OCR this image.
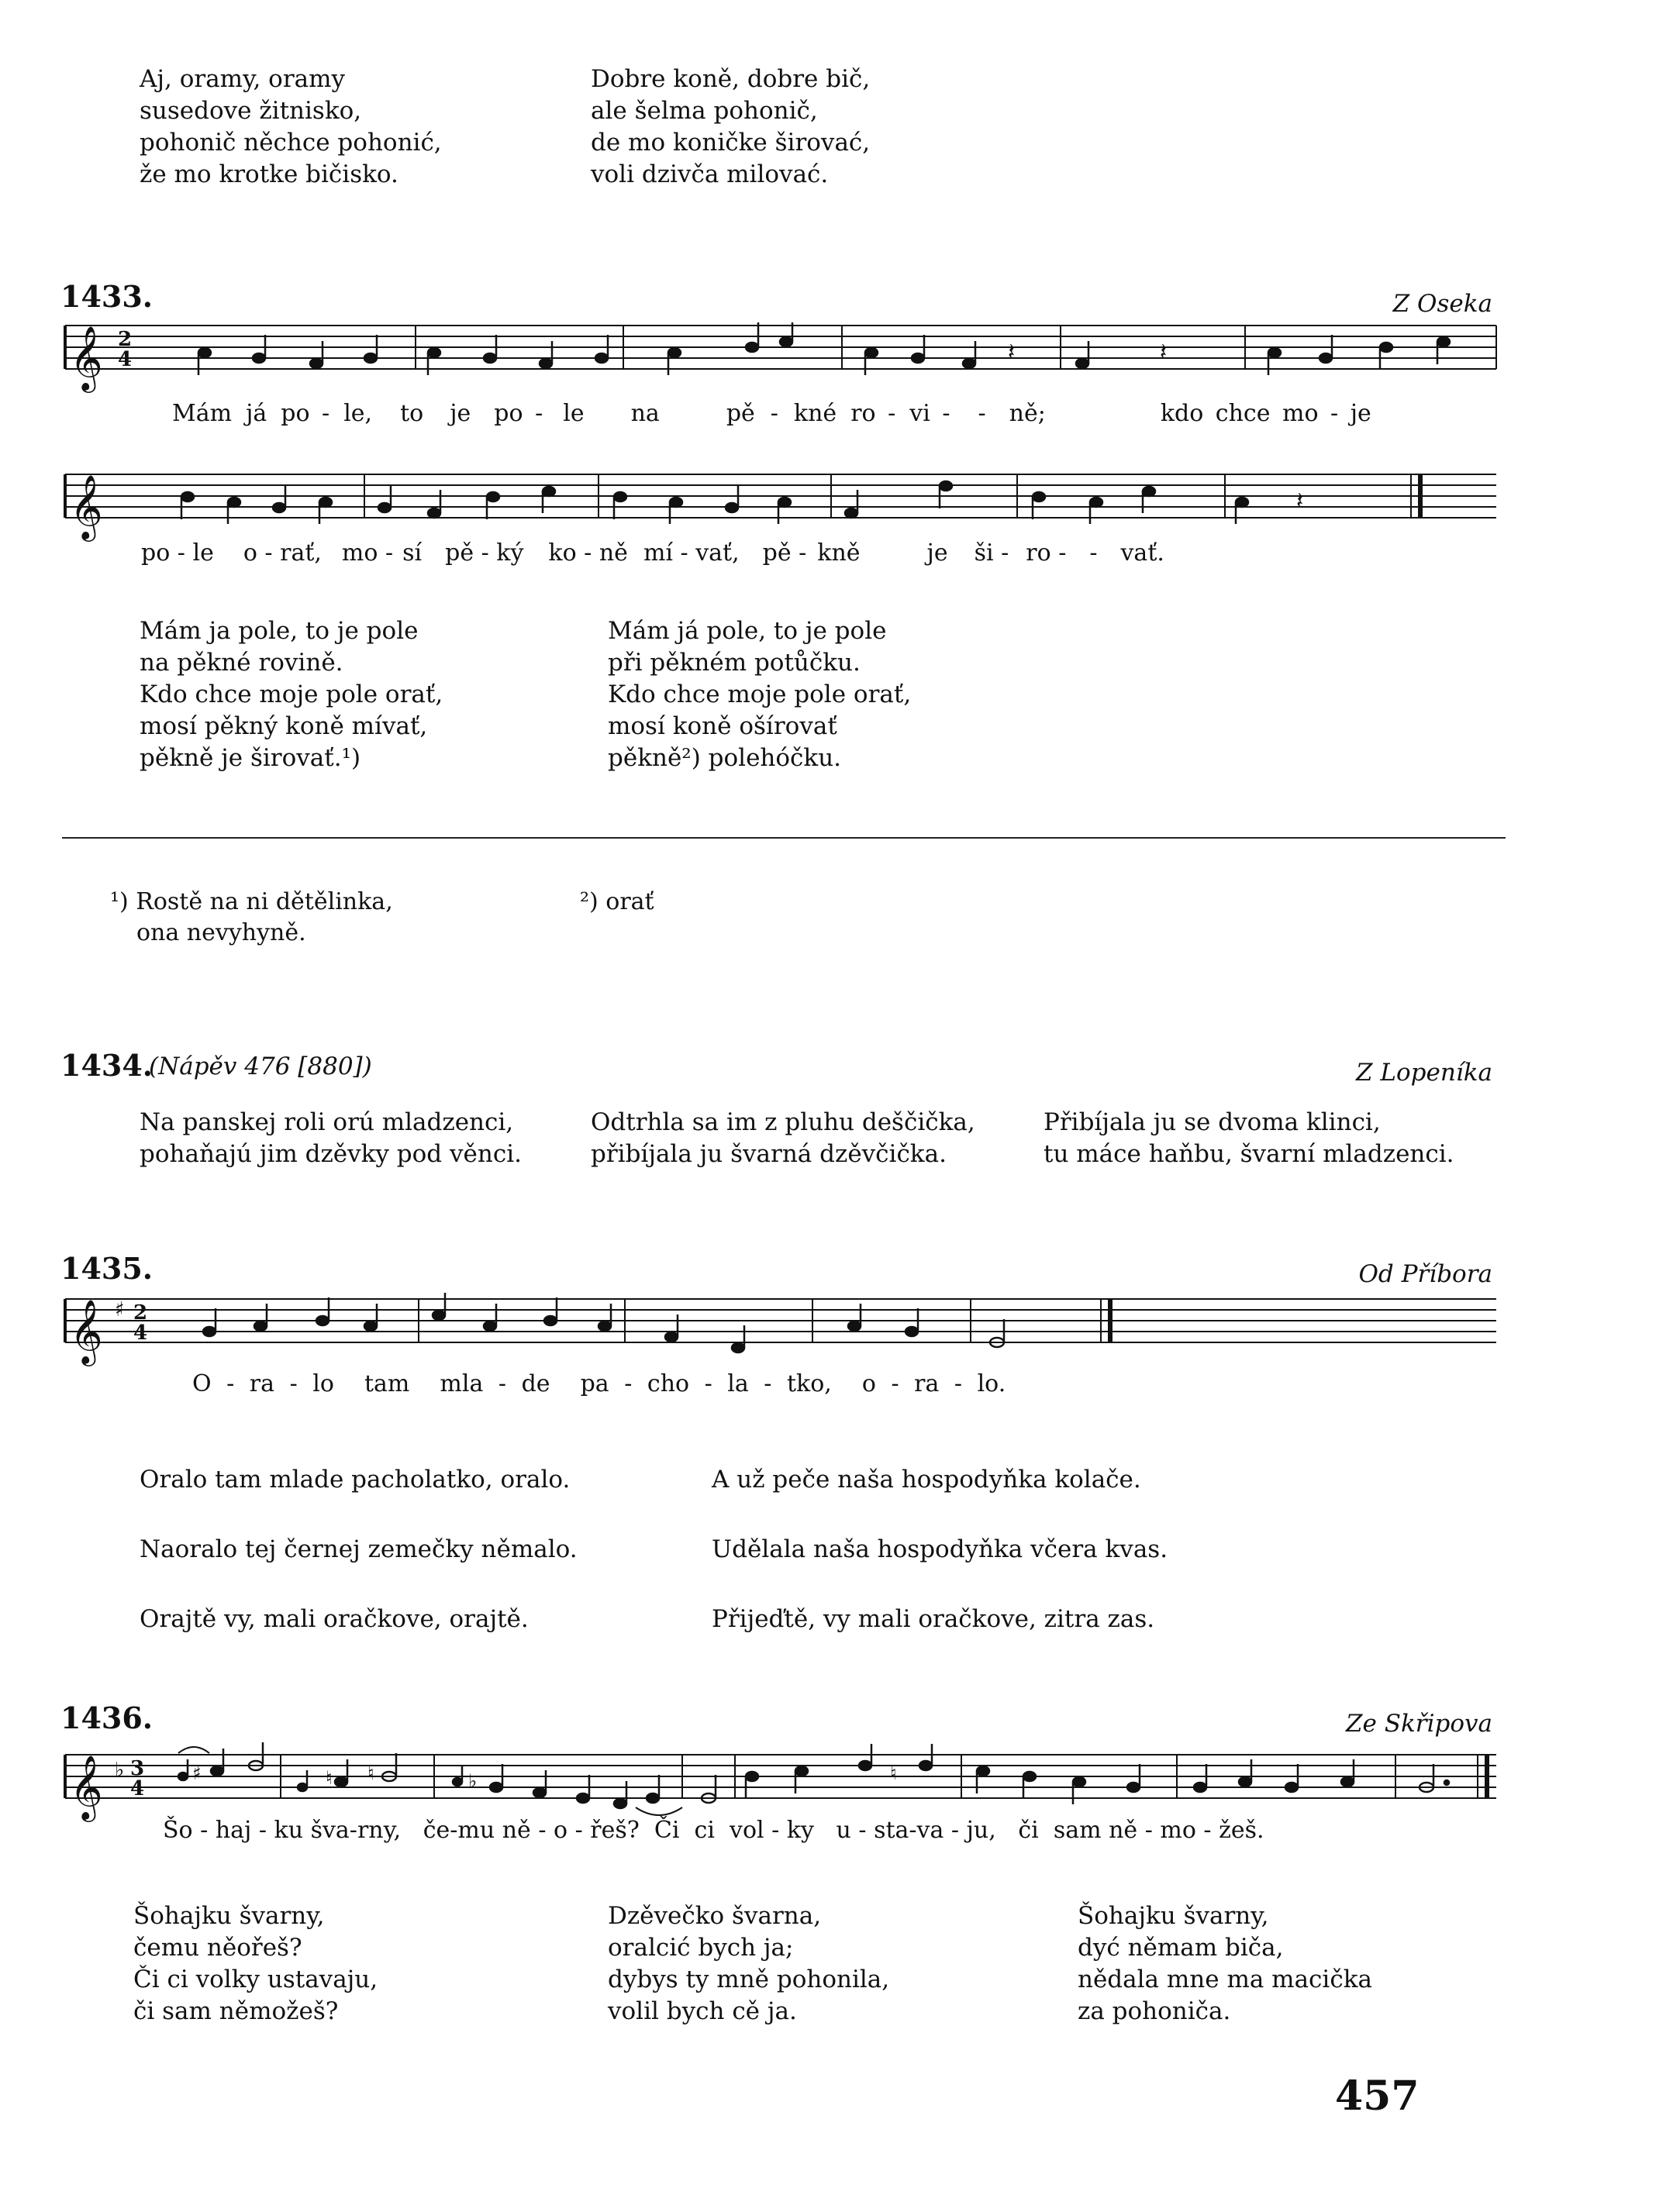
Aj, oramy, oramy
susedove žitnisko,
pohonič něchce pohonić,
že mo krotke bičisko.
Dobre koně, dobre bič,
ale šelma pohonič,
de mo koničke širovać,
voli dzivča milovać.
1433.	Z Oseka
𝄞 2
4
𝄞
𝄽	𝄽
𝄽
Mám já po - le, to je po - le na	pě - kné ro - vi - - ně;	kdo chce mo - je
po - le o - rať, mo - sí pě - ký ko - ně mí - vať, pě - kně	je ši - ro - - vať.
Mám ja pole, to je pole
na pěkné rovině.
Kdo chce moje pole orať,
mosí pěkný koně mívať,
pěkně je širovať.¹)
Mám já pole, to je pole
při pěkném potůčku.
Kdo chce moje pole orať,
mosí koně ošírovať
pěkně²) polehóčku.
¹) Rostě na ni dětělinka,
ona nevyhyně.
²) orať
1434.
(Nápěv 476 [880])	Z Lopeníka
Na panskej roli orú mladzenci,
pohaňajú jim dzěvky pod věnci.
Odtrhla sa im z pluhu deščička,
přibíjala ju švarná dzěvčička.
Přibíjala ju se dvoma klinci,
tu máce haňbu, švarní mladzenci.
1435.	Od Příbora
𝄞 ♯ 2
4
O - ra - lo  tam  mla - de  pa - cho - la - tko,  o - ra - lo.
Oralo tam mlade pacholatko, oralo.
Naoralo tej černej zemečky němalo.
Orajtě vy, mali oračkove, orajtě.
A už peče naša hospodyňka kolače.
Udělala naša hospodyňka včera kvas.
Přijeďtě, vy mali oračkove, zitra zas.
1436.	Ze Skřipova
𝄞 ♭ 3
4
♯	♮ ♮	♭	♮
Šo - haj - ku šva-rny,   če-mu ně - o - řeš?  Či  ci  vol - ky   u - sta-va - ju,   či  sam ně - mo - žeš.
Šohajku švarny,
čemu něořeš?
Či ci volky ustavaju,
či sam němožeš?
Dzěvečko švarna,
oralcić bych ja;
dybys ty mně pohonila,
volil bych cě ja.
Šohajku švarny,
dyć němam biča,
nědala mne ma macička
za pohoniča.
457
